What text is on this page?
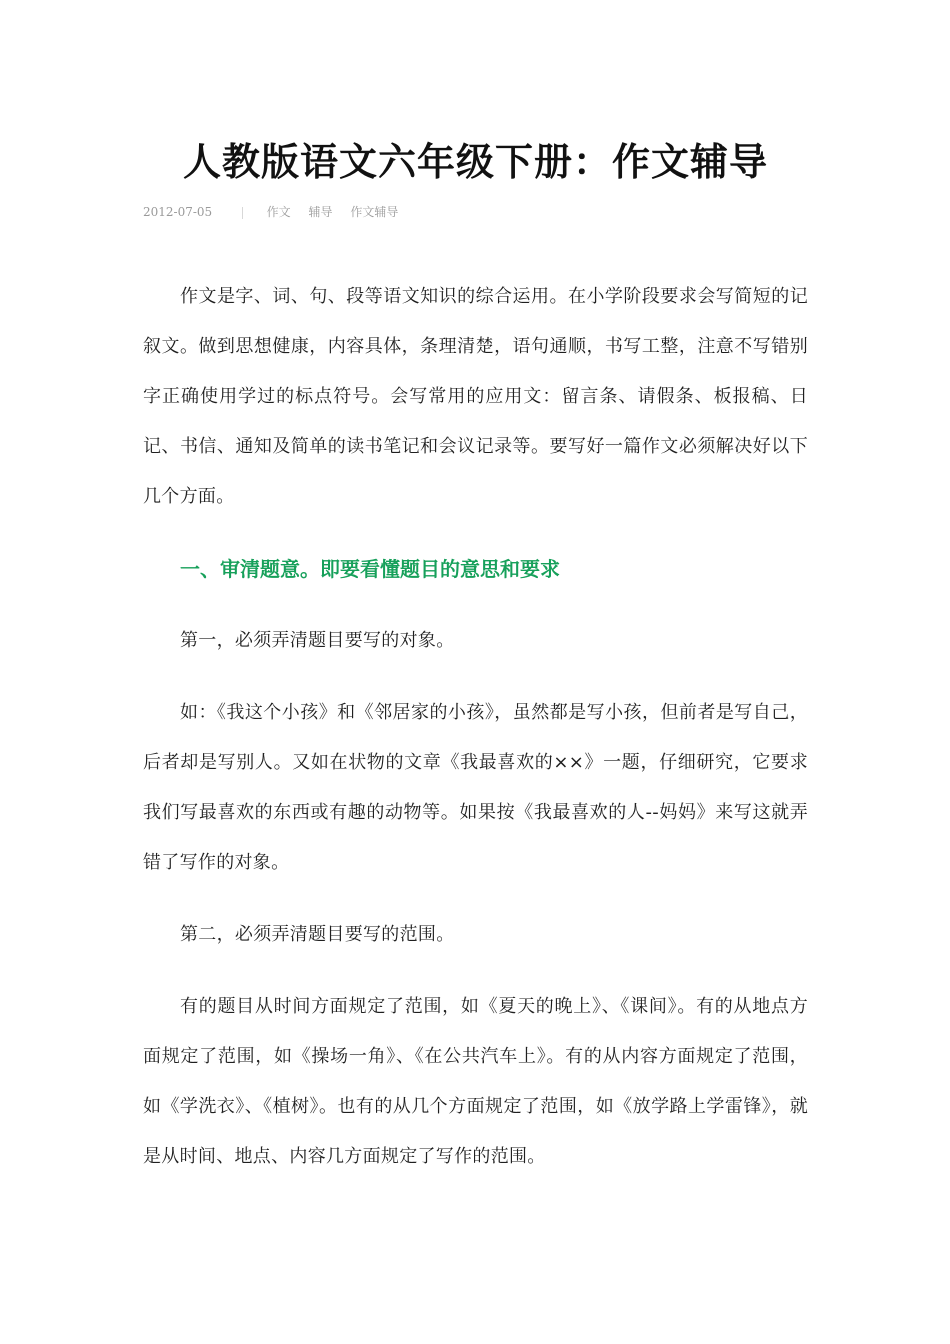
人教版语文六年级下册：作文辅导
2012-07-05	作文 辅导 作文辅导

作文是字、词、句、段等语文知识的综合运用。在小学阶段要求会写简短的记叙文。做到思想健康，内容具体，条理清楚，语句通顺，书写工整，注意不写错别字正确使用学过的标点符号。会写常用的应用文：留言条、请假条、板报稿、日记、书信、通知及简单的读书笔记和会议记录等。要写好一篇作文必须解决好以下几个方面。

一、审清题意。即要看懂题目的意思和要求

第一，必须弄清题目要写的对象。

如：《我这个小孩》和《邻居家的小孩》，虽然都是写小孩，但前者是写自己，后者却是写别人。又如在状物的文章《我最喜欢的××》一题，仔细研究，它要求我们写最喜欢的东西或有趣的动物等。如果按《我最喜欢的人--妈妈》来写这就弄错了写作的对象。

第二，必须弄清题目要写的范围。

有的题目从时间方面规定了范围，如《夏天的晚上》、《课间》。有的从地点方面规定了范围，如《操场一角》、《在公共汽车上》。有的从内容方面规定了范围，如《学洗衣》、《植树》。也有的从几个方面规定了范围，如《放学路上学雷锋》，就是从时间、地点、内容几方面规定了写作的范围。
